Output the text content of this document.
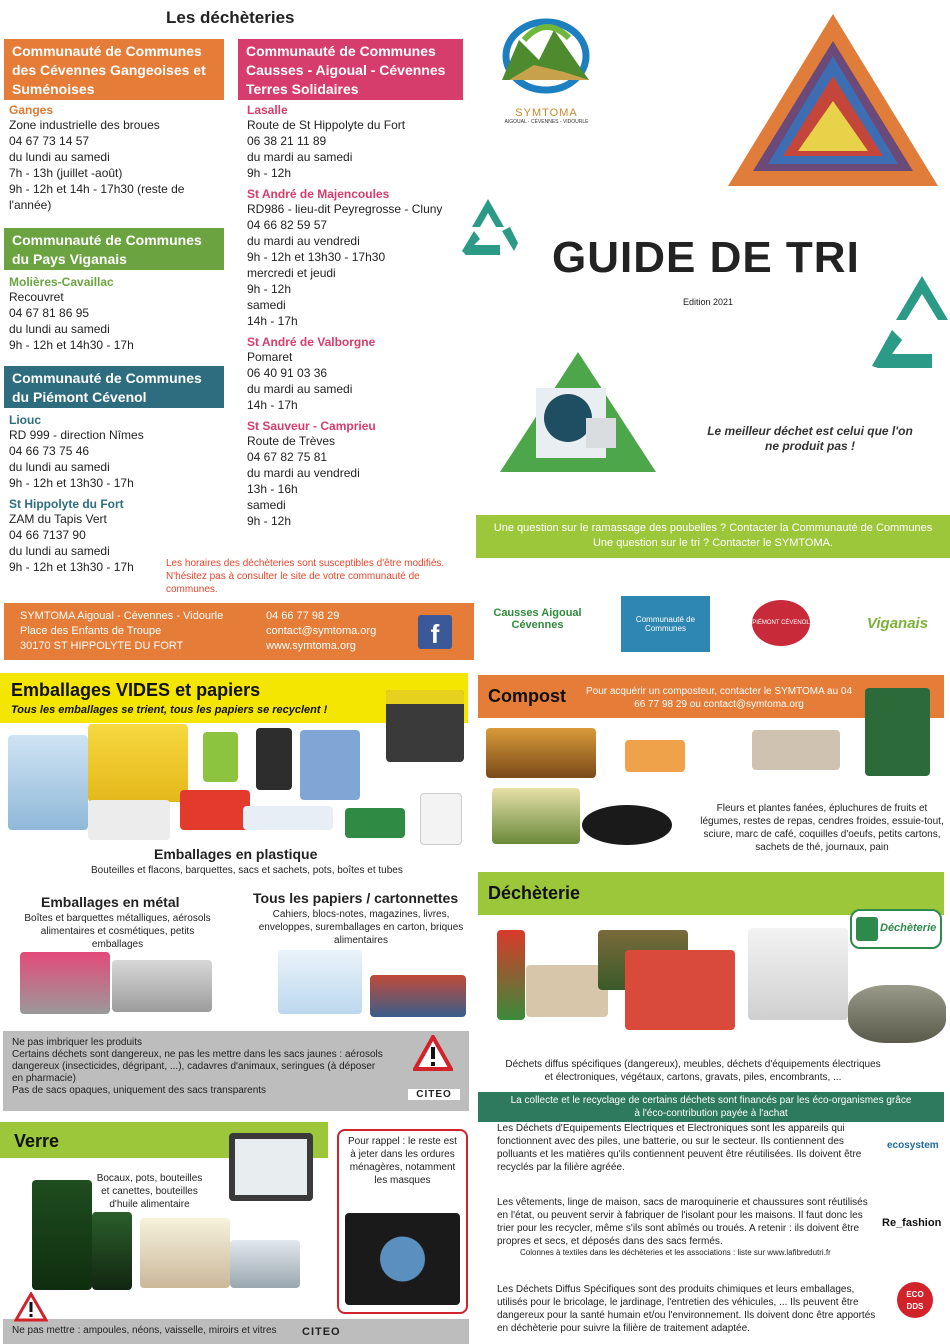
Les déchèteries
Communauté de Communes des Cévennes Gangeoises et Suménoises

Ganges

Zone industrielle des broues

04 67 73 14 57

du lundi au samedi

7h - 13h (juillet -août)

9h - 12h et 14h - 17h30 (reste de l'année)

Communauté de Communes du Pays Viganais

Molières-Cavaillac

Recouvret

04 67 81 86 95

du lundi au samedi

9h - 12h et 14h30 - 17h

Communauté de Communes du Piémont Cévenol

Liouc

RD 999 - direction Nîmes

04 66 73 75 46

du lundi au samedi

9h - 12h et 13h30 - 17h

St Hippolyte du Fort

ZAM du Tapis Vert

04 66 7137 90

du lundi au samedi

9h - 12h et 13h30 - 17h

Communauté de Communes Causses - Aigoual - Cévennes Terres Solidaires

Lasalle

Route de St Hippolyte du Fort

06 38 21 11 89

du mardi au samedi

9h - 12h

St André de Majencoules

RD986 - lieu-dit Peyregrosse - Cluny

04 66 82 59 57

du mardi au vendredi

9h - 12h et 13h30 - 17h30

mercredi et jeudi

9h - 12h

samedi

14h - 17h

St André de Valborgne

Pomaret

06 40 91 03 36

du mardi au samedi

14h - 17h

St Sauveur - Camprieu

Route de Trèves

04 67 82 75 81

du mardi au vendredi

13h - 16h

samedi

9h - 12h

Les horaires des déchèteries sont susceptibles d'être modifiés. N'hésitez pas à consulter le site de votre communauté de communes.
SYMTOMA Aigoual - Cévennes - Vidourle
Place des Enfants de Troupe
30170 ST HIPPOLYTE DU FORT
04 66 77 98 29
contact@symtoma.org
www.symtoma.org	f
SYMTOMA
AIGOUAL - CÉVENNES - VIDOURLE
GUIDE DE TRI
Edition 2021
Le meilleur déchet est celui que l'on ne produit pas !
Une question sur le ramassage des poubelles ? Contacter la Communauté de Communes
Une question sur le tri ? Contacter le SYMTOMA.
Causses Aigoual Cévennes	Communauté de Communes
PIÉMONT CÉVENOL	Viganais
Emballages VIDES et papiers
Tous les emballages se trient, tous les papiers se recyclent !
Emballages en plastique
Bouteilles et flacons, barquettes, sacs et sachets, pots, boîtes et tubes
Emballages en métal
Boîtes et barquettes métalliques, aérosols alimentaires et cosmétiques, petits emballages
Tous les papiers / cartonnettes
Cahiers, blocs-notes, magazines, livres, enveloppes, suremballages en carton, briques alimentaires
Ne pas imbriquer les produits
Certains déchets sont dangereux, ne pas les mettre dans les sacs jaunes : aérosols dangereux (insecticides, dégripant, ...), cadavres d'animaux, seringues (à déposer en pharmacie)
Pas de sacs opaques, uniquement des sacs transparents	CITEO
Verre
Bocaux, pots, bouteilles et canettes, bouteilles d'huile alimentaire
Pour rappel : le reste est à jeter dans les ordures ménagères, notamment les masques
Ne pas mettre : ampoules, néons, vaisselle, miroirs et vitres CITEO
Compost Pour acquérir un composteur, contacter le SYMTOMA au 04 66 77 98 29 ou contact@symtoma.org
Fleurs et plantes fanées, épluchures de fruits et légumes, restes de repas, cendres froides, essuie-tout, sciure, marc de café, coquilles d'oeufs, petits cartons, sachets de thé, journaux, pain
Déchèterie
Déchèterie
Déchets diffus spécifiques (dangereux), meubles, déchets d'équipements électriques et électroniques, végétaux, cartons, gravats, piles, encombrants, ...
La collecte et le recyclage de certains déchets sont financés par les éco-organismes grâce à l'éco-contribution payée à l'achat
Les Déchets d'Equipements Electriques et Electroniques sont les appareils qui fonctionnent avec des piles, une batterie, ou sur le secteur. Ils contiennent des polluants et les matières qu'ils contiennent peuvent être réutilisées. Ils doivent être recyclés par la filière agréée.
ecosystem
Les vêtements, linge de maison, sacs de maroquinerie et chaussures sont réutilisés en l'état, ou peuvent servir à fabriquer de l'isolant pour les maisons. Il faut donc les trier pour les recycler, même s'ils sont abîmés ou troués. A retenir : ils doivent être propres et secs, et déposés dans des sacs fermés.
Colonnes à textiles dans les déchèteries et les associations : liste sur www.lafibredutri.fr
Re_fashion
Les Déchets Diffus Spécifiques sont des produits chimiques et leurs emballages, utilisés pour le bricolage, le jardinage, l'entretien des véhicules, ... Ils peuvent être dangereux pour la santé humain et/ou l'environnement. Ils doivent donc être apportés en déchèterie pour suivre la filière de traitement adaptée.
ECO DDS
